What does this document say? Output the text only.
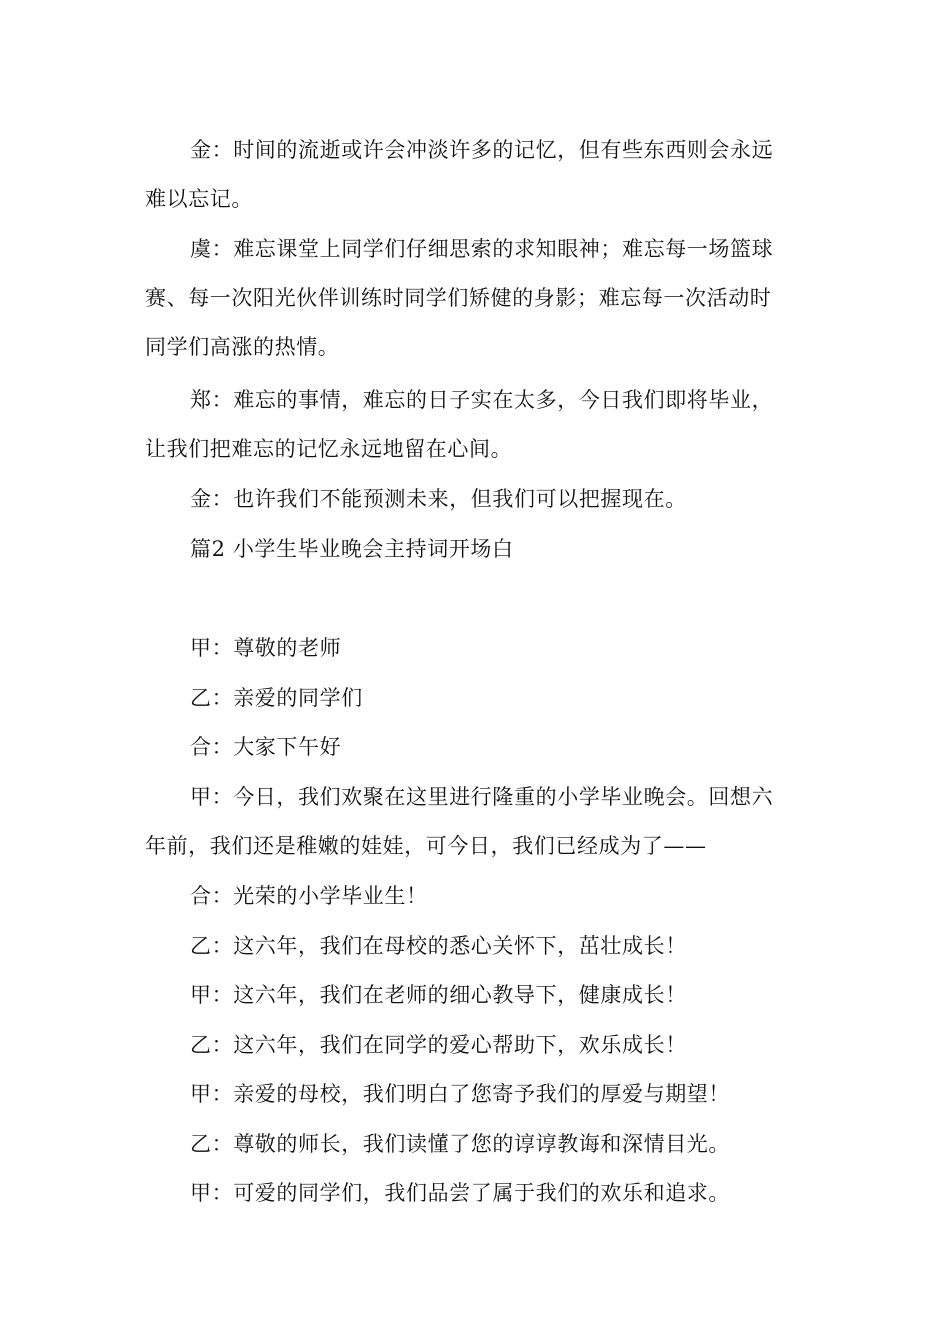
金：时间的流逝或许会冲淡许多的记忆，但有些东西则会永远
难以忘记。
虞：难忘课堂上同学们仔细思索的求知眼神；难忘每一场篮球
赛、每一次阳光伙伴训练时同学们矫健的身影；难忘每一次活动时
同学们高涨的热情。
郑：难忘的事情，难忘的日子实在太多，今日我们即将毕业，
让我们把难忘的记忆永远地留在心间。
金：也许我们不能预测未来，但我们可以把握现在。
篇2 小学生毕业晚会主持词开场白
甲：尊敬的老师
乙：亲爱的同学们
合：大家下午好
甲：今日，我们欢聚在这里进行隆重的小学毕业晚会。回想六
年前，我们还是稚嫩的娃娃，可今日，我们已经成为了——
合：光荣的小学毕业生！
乙：这六年，我们在母校的悉心关怀下，茁壮成长！
甲：这六年，我们在老师的细心教导下，健康成长！
乙：这六年，我们在同学的爱心帮助下，欢乐成长！
甲：亲爱的母校，我们明白了您寄予我们的厚爱与期望！
乙：尊敬的师长，我们读懂了您的谆谆教诲和深情目光。
甲：可爱的同学们，我们品尝了属于我们的欢乐和追求。
